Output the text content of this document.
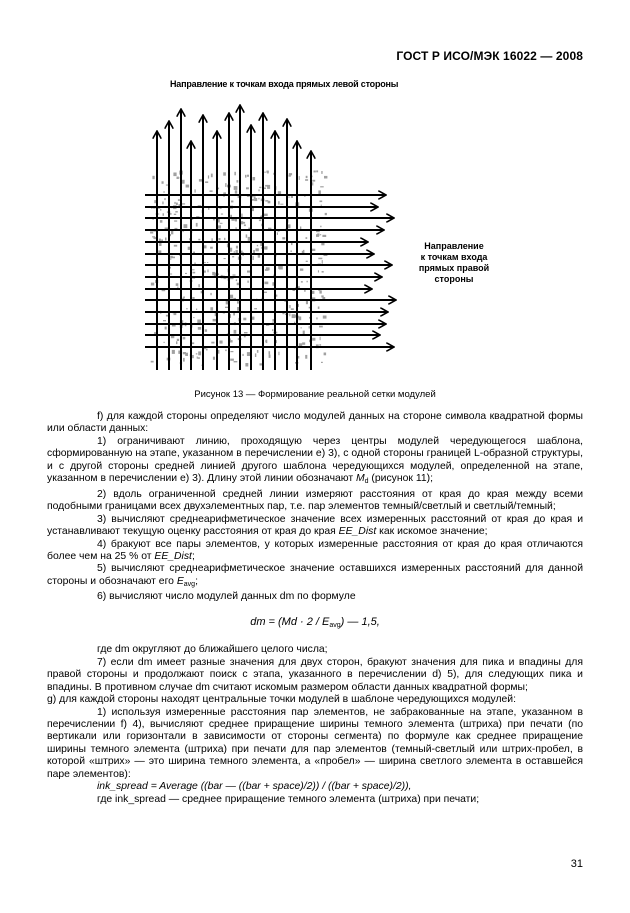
ГОСТ Р ИСО/МЭК 16022 — 2008
Направление к точкам входа прямых левой стороны
Направление
к точкам входа
прямых правой
стороны
Рисунок 13 — Формирование реальной сетки модулей

f) для каждой стороны определяют число модулей данных на стороне символа квадратной формы или области данных:

1) ограничивают линию, проходящую через центры модулей чередующегося шаблона, сформированную на этапе, указанном в перечислении e) 3), с одной стороны границей L-образной структуры, и с другой стороны средней линией другого шаблона чередующихся модулей, определенной на этапе, указанном в перечислении e) 3). Длину этой линии обозначают $M_d$ (рисунок 11);

2) вдоль ограниченной средней линии измеряют расстояния от края до края между всеми подобными границами всех двухэлементных пар, т.е. пар элементов темный/светлый и светлый/темный;

3) вычисляют среднеарифметическое значение всех измеренных расстояний от края до края и устанавливают текущую оценку расстояния от края до края EE_Dist как искомое значение;

4) бракуют все пары элементов, у которых измеренные расстояния от края до края отличаются более чем на 25 % от EE_Dist;

5) вычисляют среднеарифметическое значение оставшихся измеренных расстояний для данной стороны и обозначают его $E_{avg}$;

6) вычисляют число модулей данных dm по формуле

dm = $(Md \cdot 2 / E_{avg})$ — 1,5,

где dm округляют до ближайшего целого числа;

7) если dm имеет разные значения для двух сторон, бракуют значения для пика и впадины для правой стороны и продолжают поиск с этапа, указанного в перечислении d) 5), для следующих пика и впадины. В противном случае dm считают искомым размером области данных квадратной формы;

g) для каждой стороны находят центральные точки модулей в шаблоне чередующихся модулей:

1) используя измеренные расстояния пар элементов, не забракованные на этапе, указанном в перечислении f) 4), вычисляют среднее приращение ширины темного элемента (штриха) при печати (по вертикали или горизонтали в зависимости от стороны сегмента) по формуле как среднее приращение ширины темного элемента (штриха) при печати для пар элементов (темный-светлый или штрих-пробел, в которой «штрих» — это ширина темного элемента, а «пробел» — ширина светлого элемента в оставшейся паре элементов):

ink_spread = Average ((bar — ((bar + space)/2)) / ((bar + space)/2)),

где ink_spread — среднее приращение темного элемента (штриха) при печати;

31
